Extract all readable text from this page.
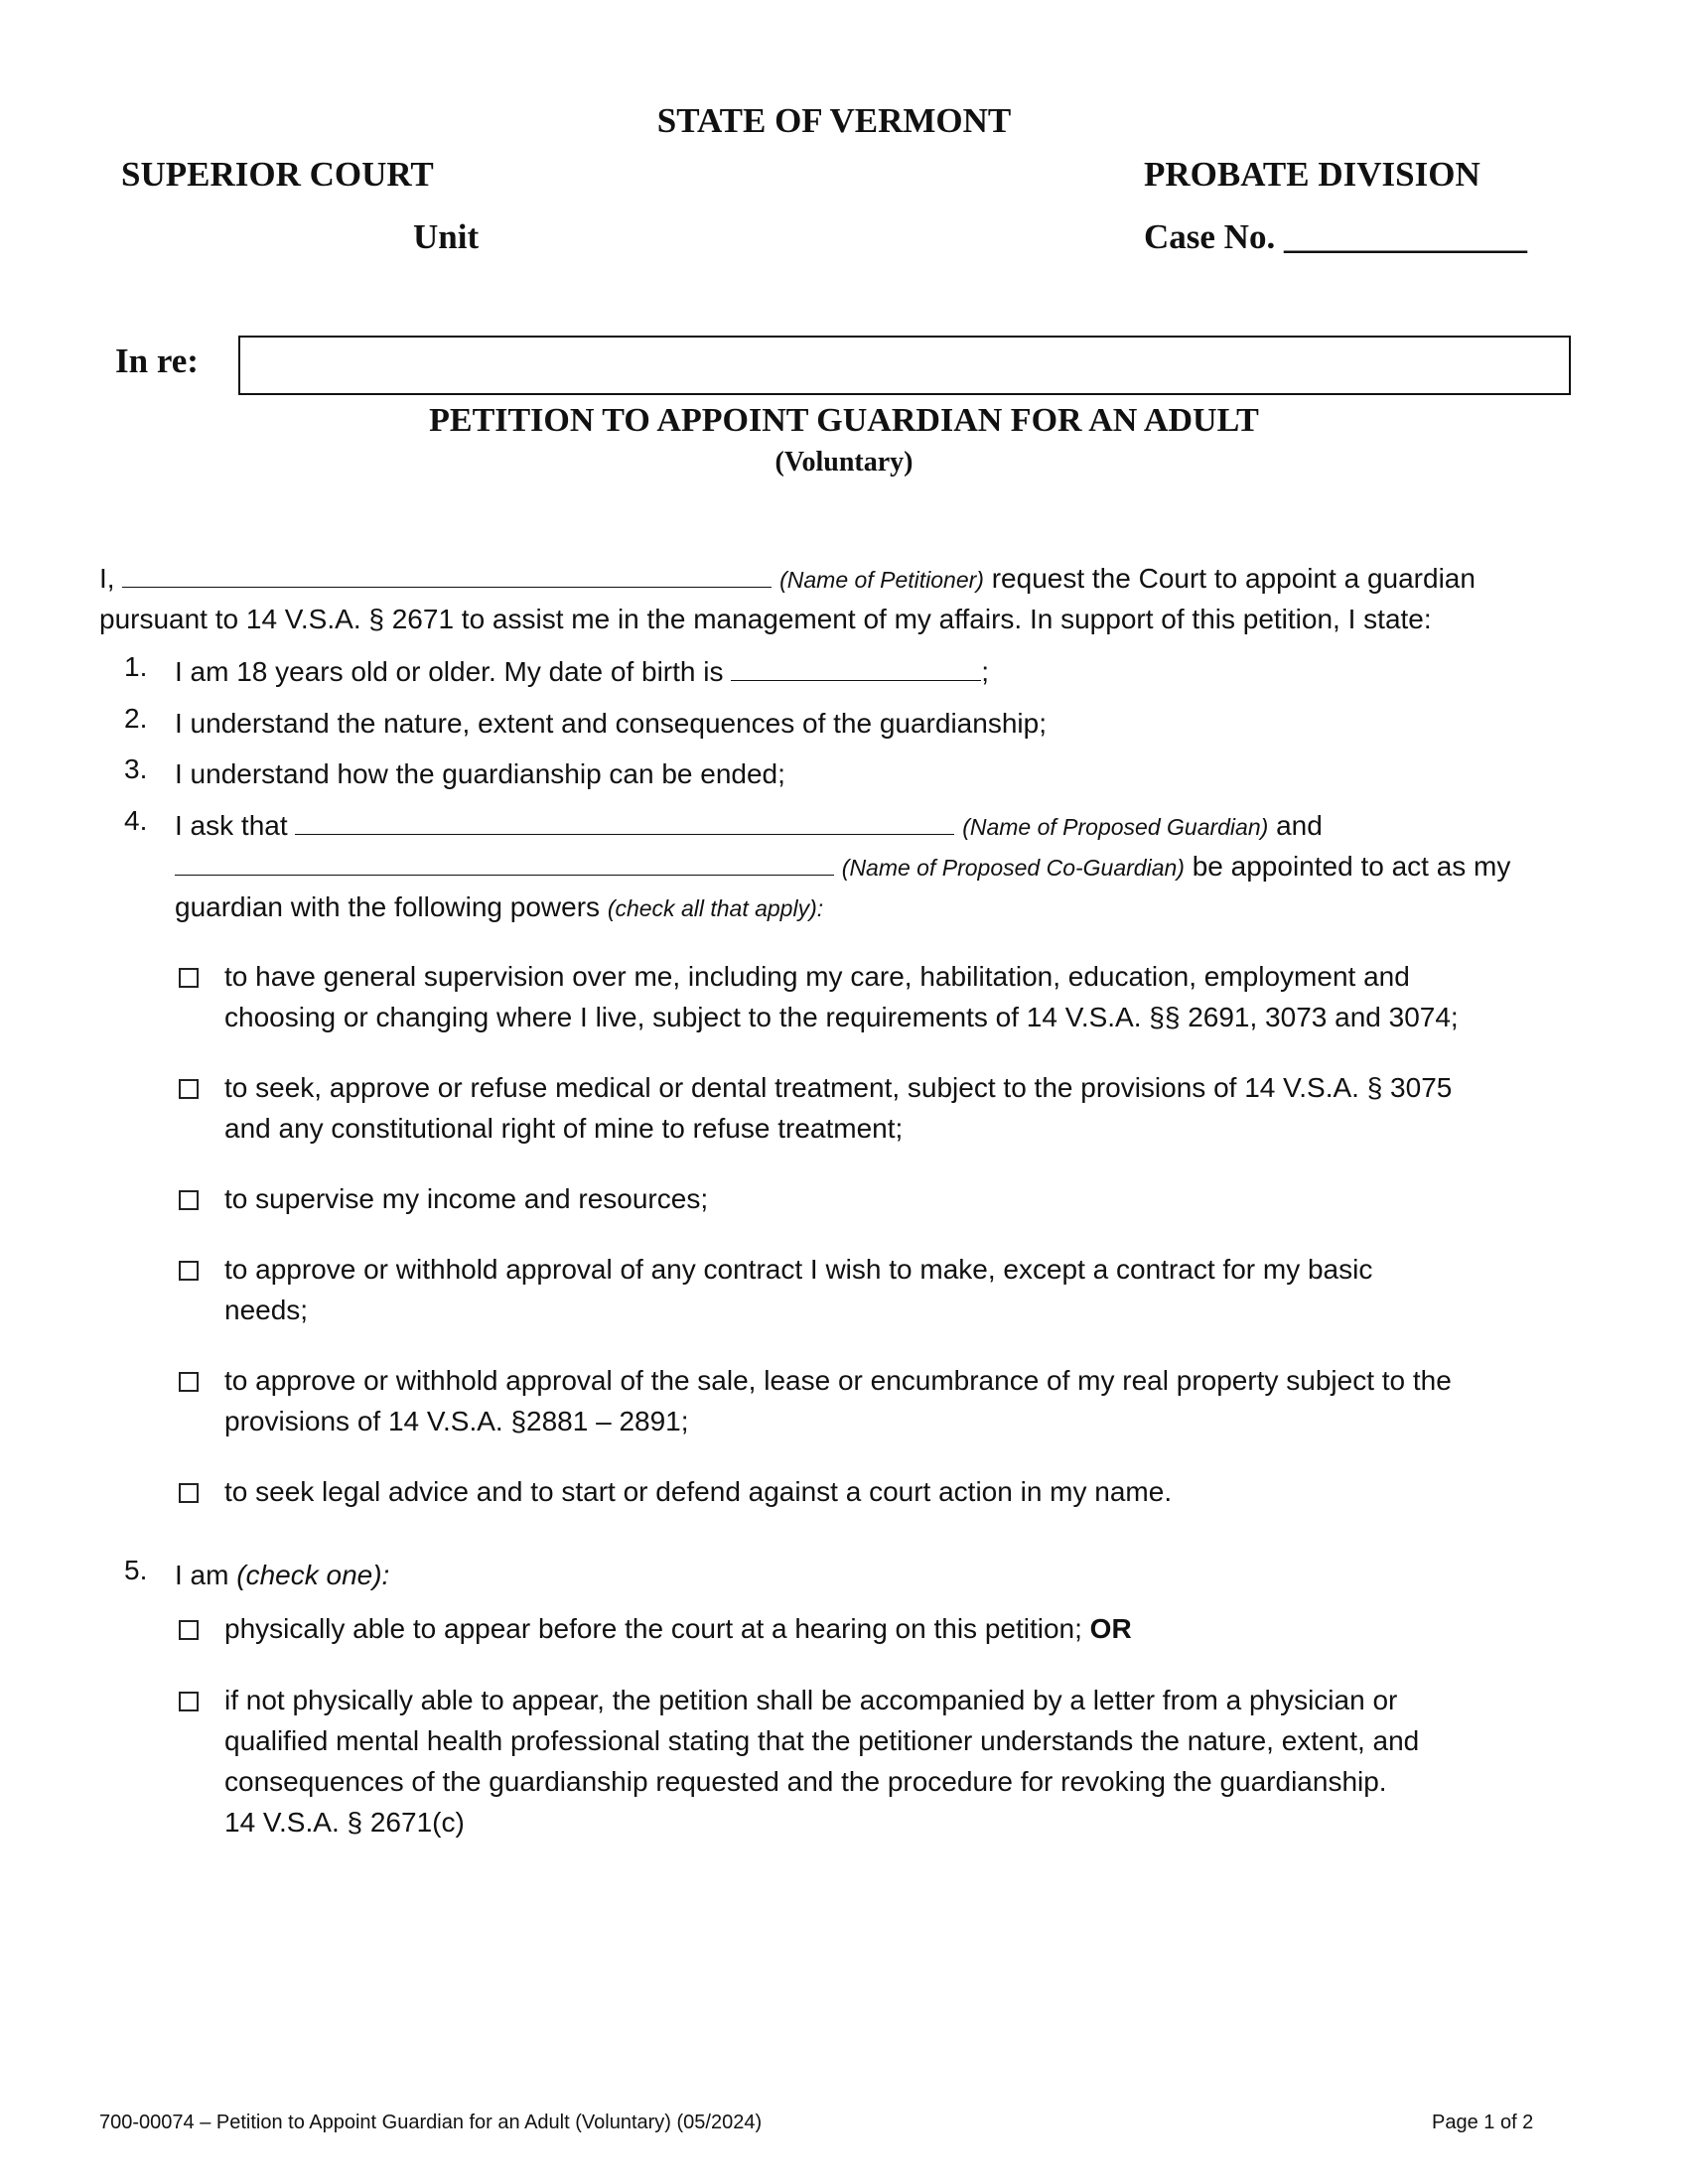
STATE OF VERMONT
SUPERIOR COURT	PROBATE DIVISION
Unit	Case No. ______________
In re:
PETITION TO APPOINT GUARDIAN FOR AN ADULT
(Voluntary)
I,	(Name of Petitioner) request the Court to appoint a guardian
pursuant to 14 V.S.A. § 2671 to assist me in the management of my affairs. In support of this petition, I state:
1. I am 18 years old or older. My date of birth is	;
2. I understand the nature, extent and consequences of the guardianship;
3. I understand how the guardianship can be ended;
4. I ask that	(Name of Proposed Guardian) and
(Name of Proposed Co-Guardian) be appointed to act as my
guardian with the following powers (check all that apply):
to have general supervision over me, including my care, habilitation, education, employment and
choosing or changing where I live, subject to the requirements of 14 V.S.A. §§ 2691, 3073 and 3074;
to seek, approve or refuse medical or dental treatment, subject to the provisions of 14 V.S.A. § 3075
and any constitutional right of mine to refuse treatment;
to supervise my income and resources;
to approve or withhold approval of any contract I wish to make, except a contract for my basic
needs;
to approve or withhold approval of the sale, lease or encumbrance of my real property subject to the
provisions of 14 V.S.A. §2881 – 2891;
to seek legal advice and to start or defend against a court action in my name.
5. I am (check one):
physically able to appear before the court at a hearing on this petition; OR
if not physically able to appear, the petition shall be accompanied by a letter from a physician or
qualified mental health professional stating that the petitioner understands the nature, extent, and
consequences of the guardianship requested and the procedure for revoking the guardianship.
14 V.S.A. § 2671(c)
700-00074 – Petition to Appoint Guardian for an Adult (Voluntary) (05/2024)	Page 1 of 2
